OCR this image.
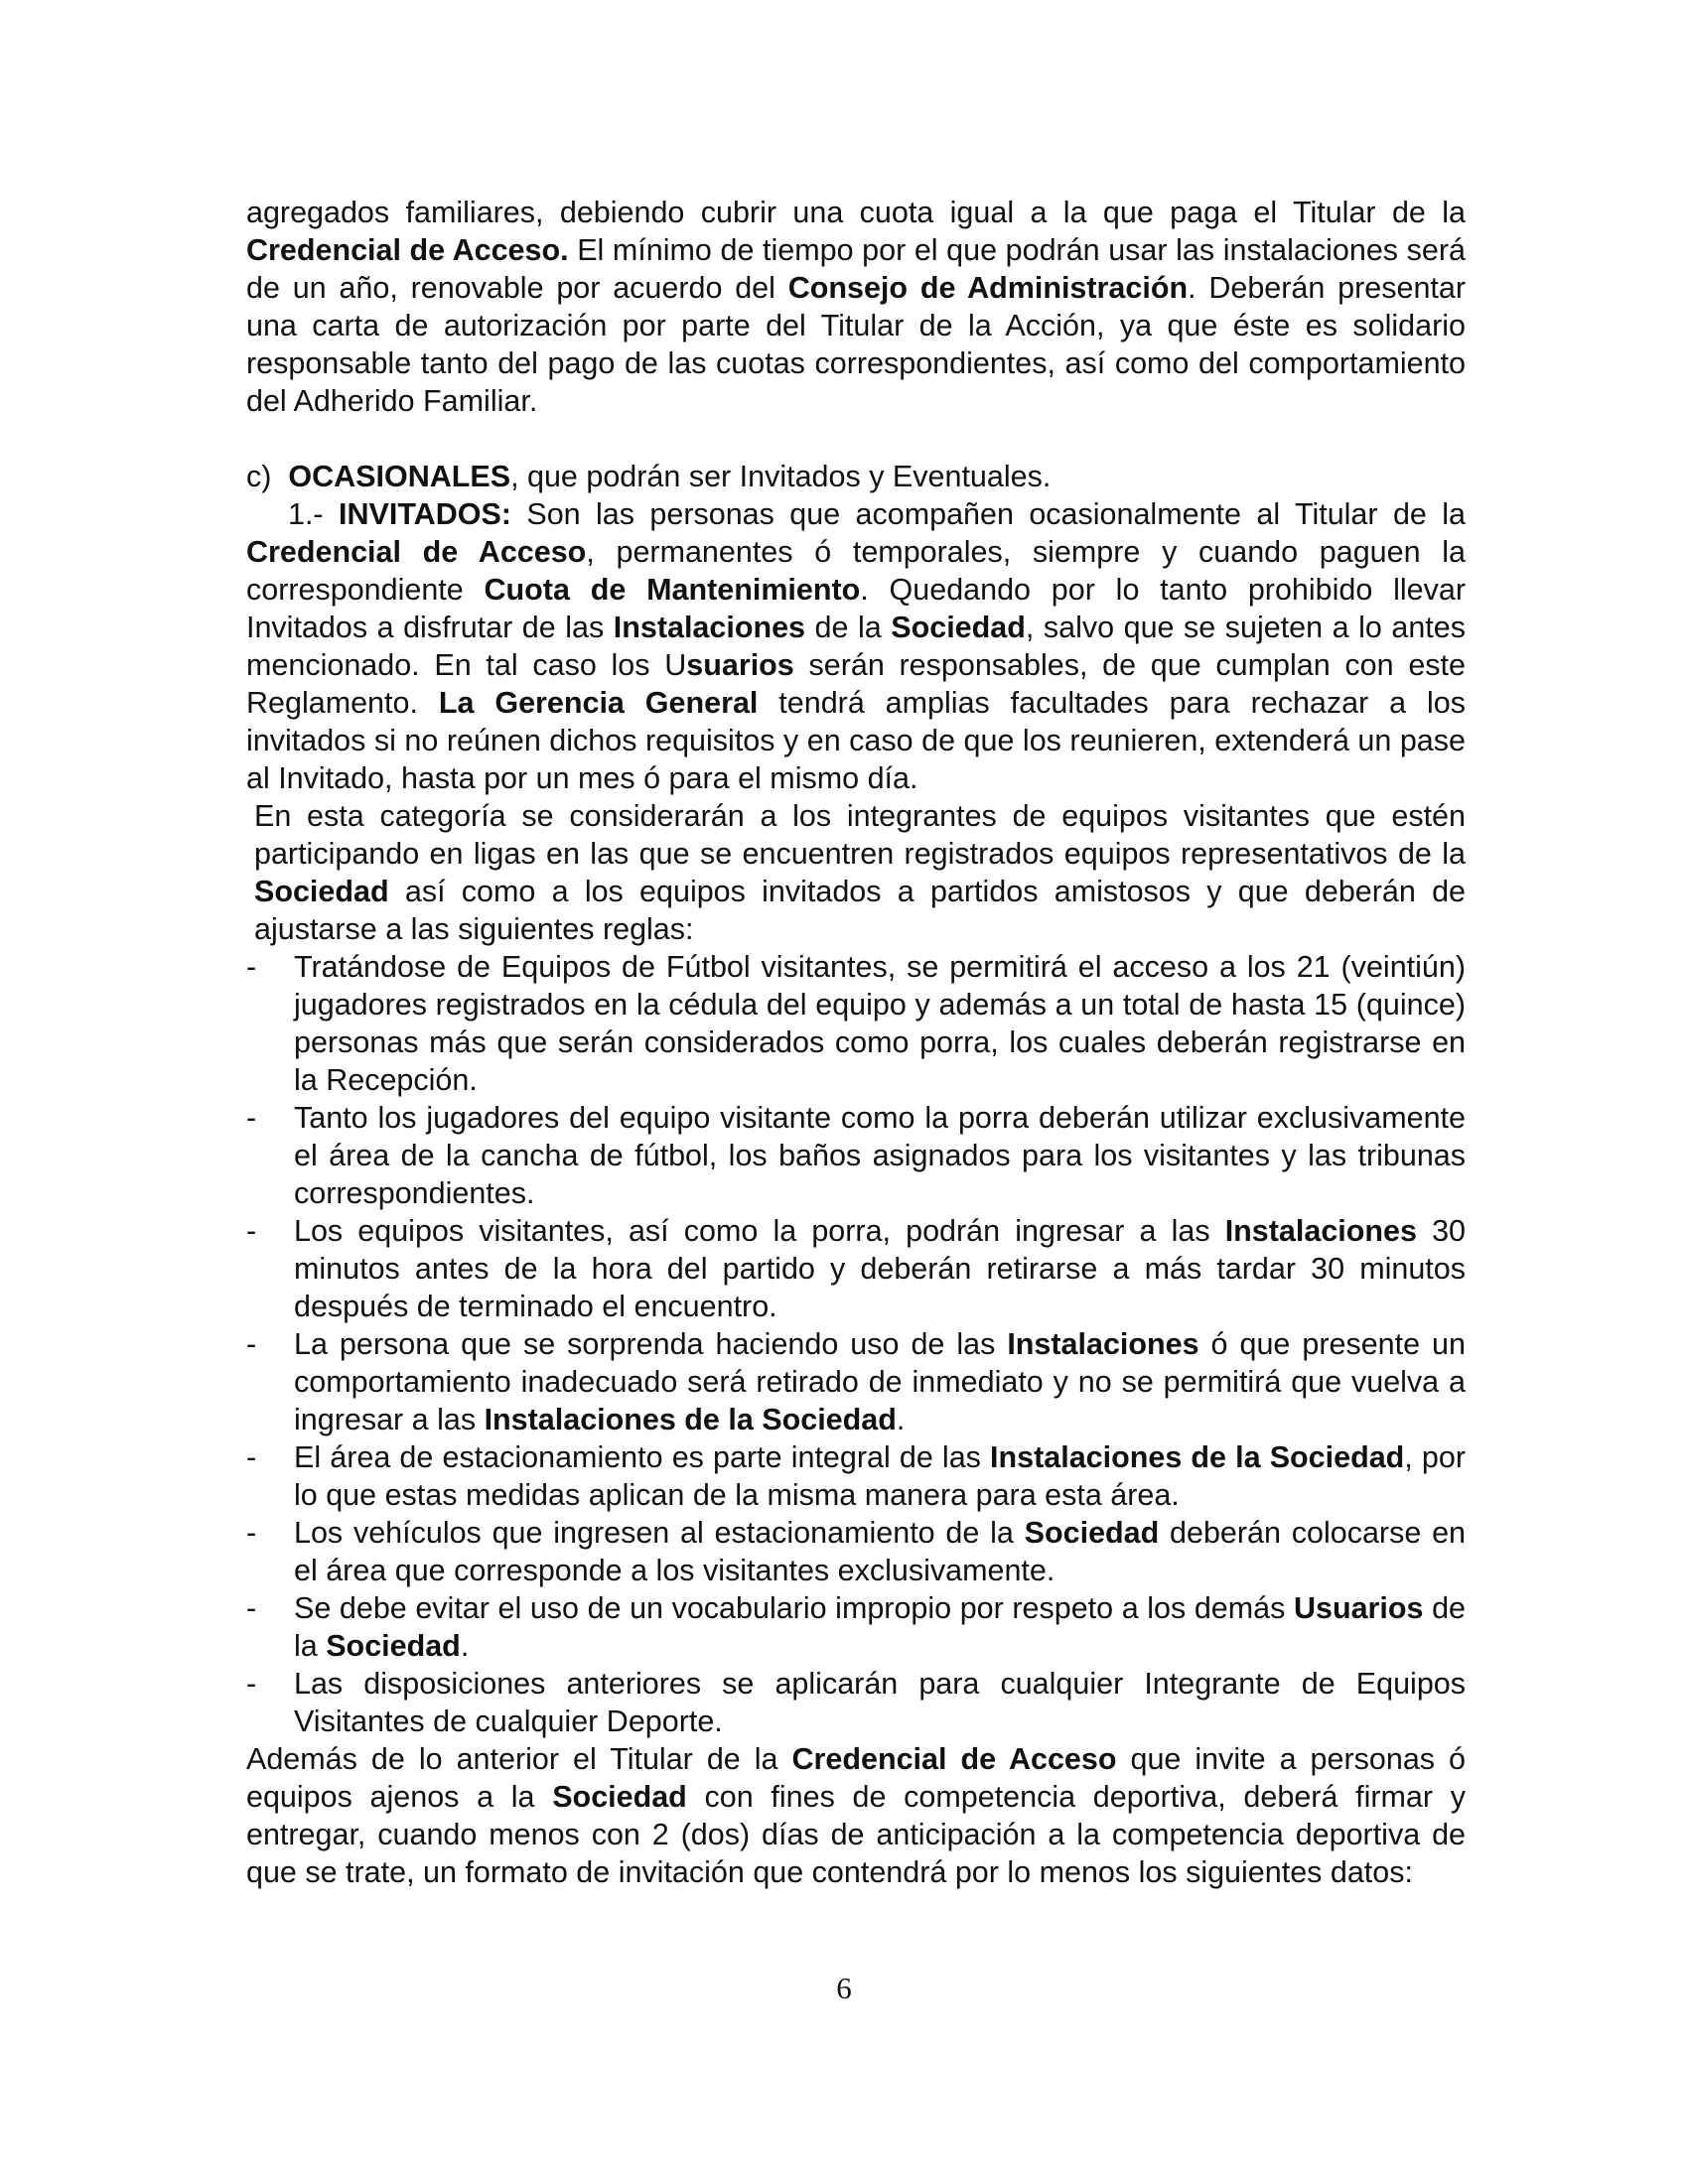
agregados familiares, debiendo cubrir una cuota igual a la que paga el Titular de la Credencial de Acceso. El mínimo de tiempo por el que podrán usar las instalaciones será de un año, renovable por acuerdo del Consejo de Administración. Deberán presentar una carta de autorización por parte del Titular de la Acción, ya que éste es solidario responsable tanto del pago de las cuotas correspondientes, así como del comportamiento del Adherido Familiar.

c) OCASIONALES, que podrán ser Invitados y Eventuales.

1.- INVITADOS: Son las personas que acompañen ocasionalmente al Titular de la Credencial de Acceso, permanentes ó temporales, siempre y cuando paguen la correspondiente Cuota de Mantenimiento. Quedando por lo tanto prohibido llevar Invitados a disfrutar de las Instalaciones de la Sociedad, salvo que se sujeten a lo antes mencionado. En tal caso los Usuarios serán responsables, de que cumplan con este Reglamento. La Gerencia General tendrá amplias facultades para rechazar a los invitados si no reúnen dichos requisitos y en caso de que los reunieren, extenderá un pase al Invitado, hasta por un mes ó para el mismo día.

En esta categoría se considerarán a los integrantes de equipos visitantes que estén participando en ligas en las que se encuentren registrados equipos representativos de la Sociedad así como a los equipos invitados a partidos amistosos y que deberán de ajustarse a las siguientes reglas:

- Tratándose de Equipos de Fútbol visitantes, se permitirá el acceso a los 21 (veintiún) jugadores registrados en la cédula del equipo y además a un total de hasta 15 (quince) personas más que serán considerados como porra, los cuales deberán registrarse en la Recepción.
- Tanto los jugadores del equipo visitante como la porra deberán utilizar exclusivamente el área de la cancha de fútbol, los baños asignados para los visitantes y las tribunas correspondientes.
- Los equipos visitantes, así como la porra, podrán ingresar a las Instalaciones 30 minutos antes de la hora del partido y deberán retirarse a más tardar 30 minutos después de terminado el encuentro.
- La persona que se sorprenda haciendo uso de las Instalaciones ó que presente un comportamiento inadecuado será retirado de inmediato y no se permitirá que vuelva a ingresar a las Instalaciones de la Sociedad.
- El área de estacionamiento es parte integral de las Instalaciones de la Sociedad, por lo que estas medidas aplican de la misma manera para esta área.
- Los vehículos que ingresen al estacionamiento de la Sociedad deberán colocarse en el área que corresponde a los visitantes exclusivamente.
- Se debe evitar el uso de un vocabulario impropio por respeto a los demás Usuarios de la Sociedad.
- Las disposiciones anteriores se aplicarán para cualquier Integrante de Equipos Visitantes de cualquier Deporte.

Además de lo anterior el Titular de la Credencial de Acceso que invite a personas ó equipos ajenos a la Sociedad con fines de competencia deportiva, deberá firmar y entregar, cuando menos con 2 (dos) días de anticipación a la competencia deportiva de que se trate, un formato de invitación que contendrá por lo menos los siguientes datos:

6
